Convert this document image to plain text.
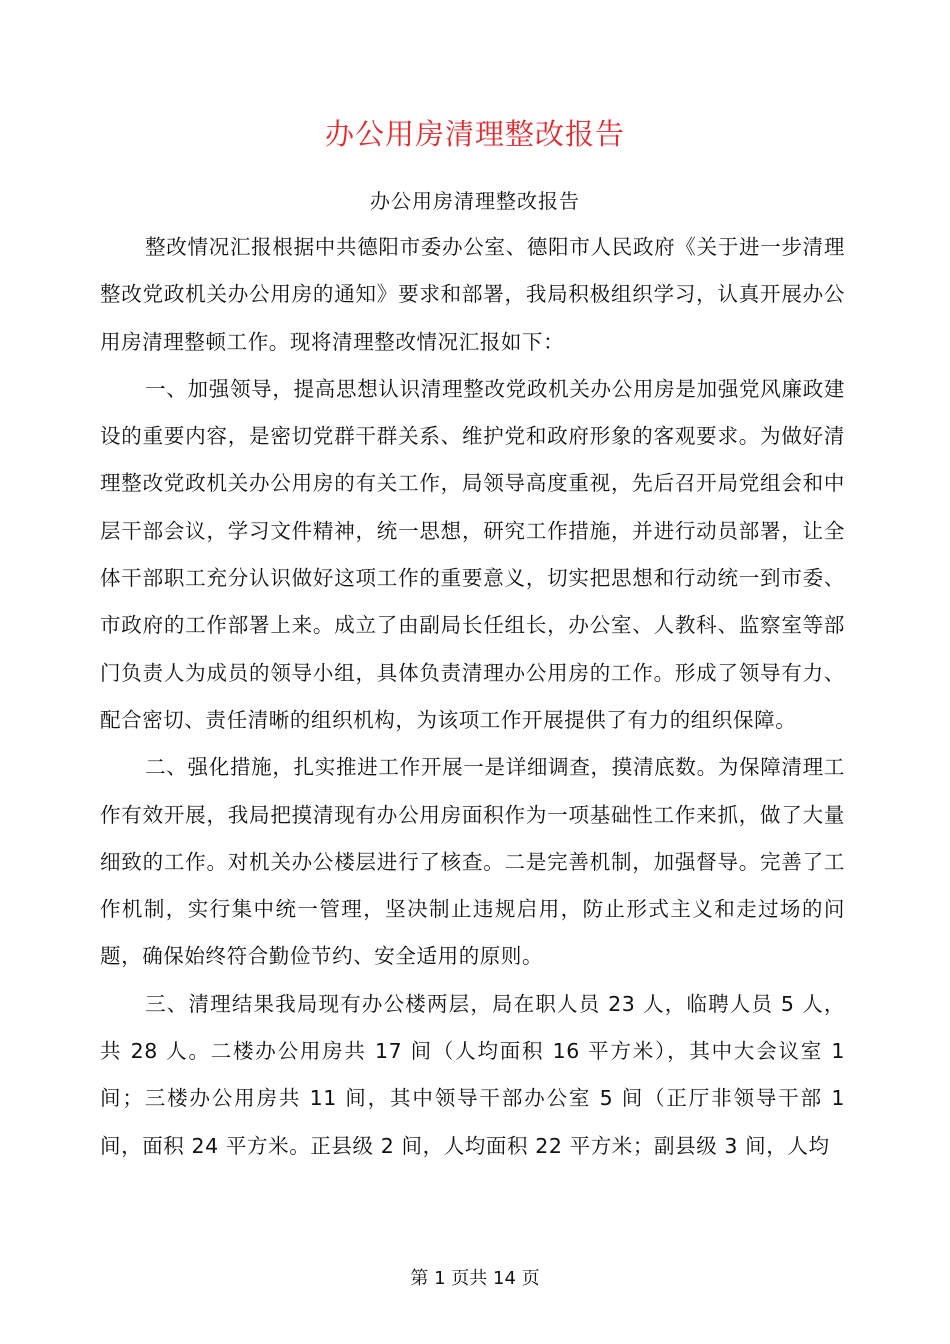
办公用房清理整改报告
办公用房清理整改报告

整改情况汇报根据中共德阳市委办公室、德阳市人民政府《关于进一步清理整改党政机关办公用房的通知》要求和部署，我局积极组织学习，认真开展办公用房清理整顿工作。现将清理整改情况汇报如下：

一、加强领导，提高思想认识清理整改党政机关办公用房是加强党风廉政建设的重要内容，是密切党群干群关系、维护党和政府形象的客观要求。为做好清理整改党政机关办公用房的有关工作，局领导高度重视，先后召开局党组会和中层干部会议，学习文件精神，统一思想，研究工作措施，并进行动员部署，让全体干部职工充分认识做好这项工作的重要意义，切实把思想和行动统一到市委、市政府的工作部署上来。成立了由副局长任组长，办公室、人教科、监察室等部门负责人为成员的领导小组，具体负责清理办公用房的工作。形成了领导有力、配合密切、责任清晰的组织机构，为该项工作开展提供了有力的组织保障。

二、强化措施，扎实推进工作开展一是详细调查，摸清底数。为保障清理工作有效开展，我局把摸清现有办公用房面积作为一项基础性工作来抓，做了大量细致的工作。对机关办公楼层进行了核查。二是完善机制，加强督导。完善了工作机制，实行集中统一管理，坚决制止违规启用，防止形式主义和走过场的问题，确保始终符合勤俭节约、安全适用的原则。

三、清理结果我局现有办公楼两层，局在职人员 23 人，临聘人员 5 人，共 28 人。二楼办公用房共 17 间（人均面积 16 平方米），其中大会议室 1 间；三楼办公用房共 11 间，其中领导干部办公室 5 间（正厅非领导干部 1 间，面积 24 平方米。正县级 2 间，人均面积 22 平方米；副县级 3 间，人均

第 1 页共 14 页
